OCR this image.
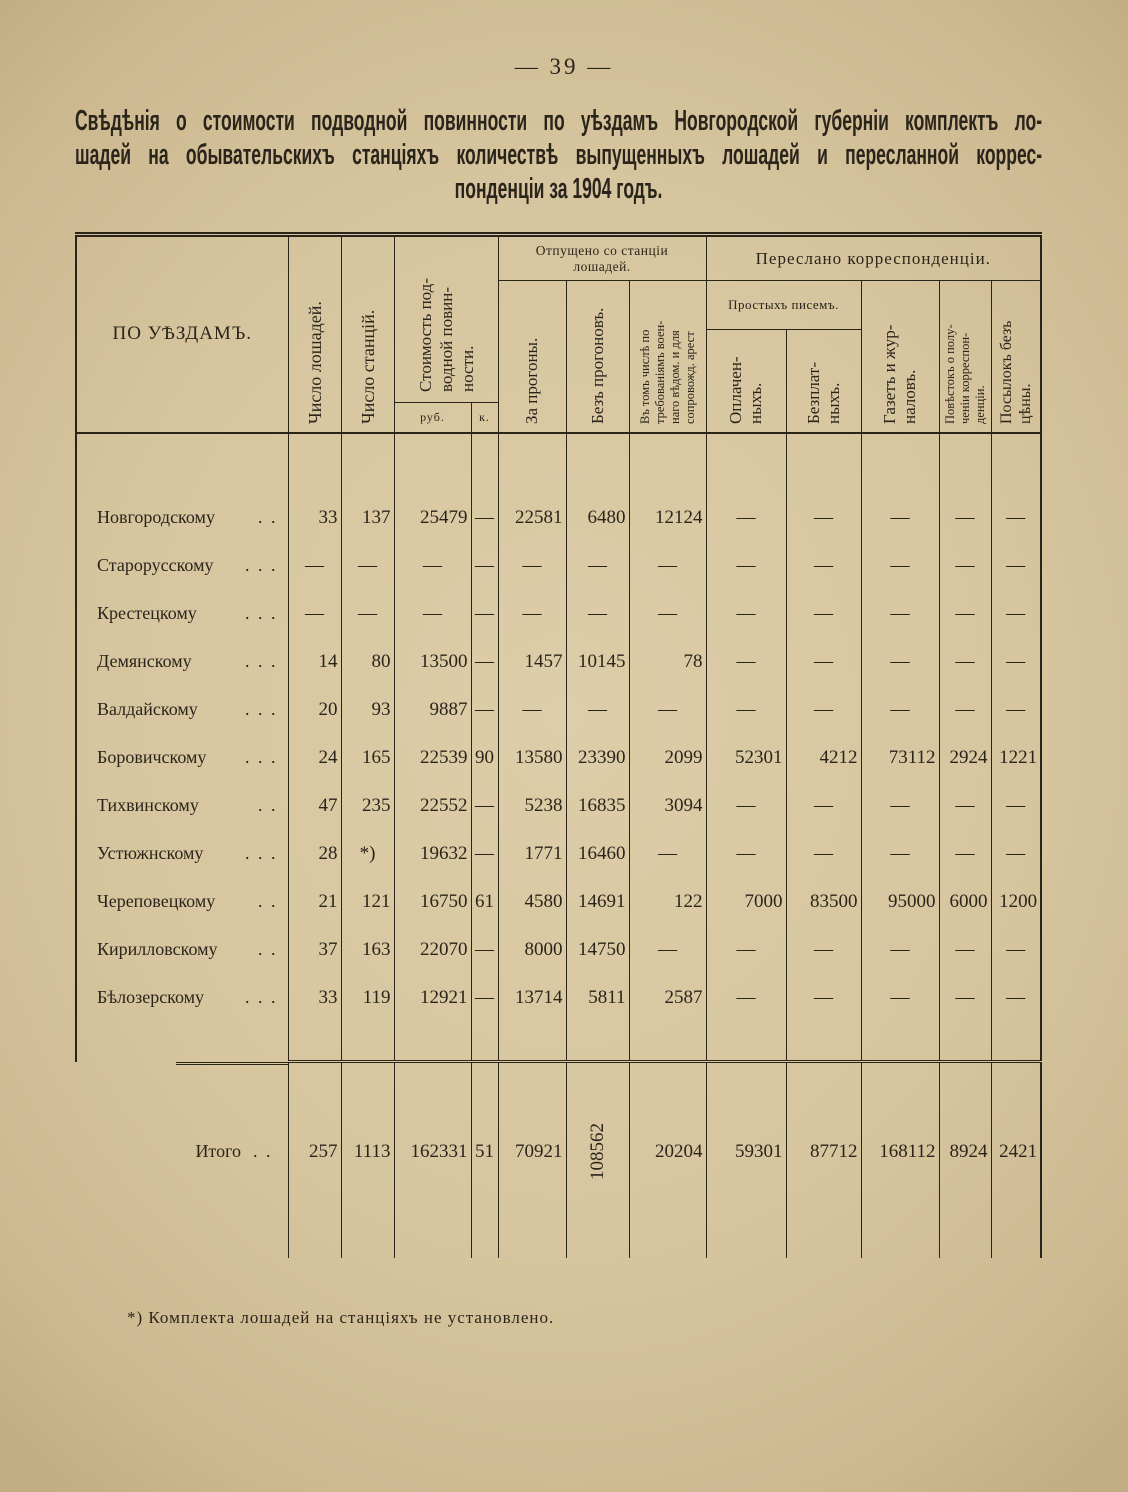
— 39 —
Свѣдѣнія о стоимости подводной повинности по уѣздамъ Новгородской губерніи комплектъ ло-
шадей на обывательскихъ станціяхъ количествѣ выпущенныхъ лошадей и пересланной коррес-
понденціи за 1904 годъ.
ПО УѢЗДАМЪ.	Число лошадей.	Число станцій.	Стоимость под- водной повин- ности.		Отпущено со станціи
лошадей.			Переслано корреспонденціи.				

					За прогоны.	Безъ прогоновъ.	Въ томъ числѣ по требованіямъ воен- наго вѣдом. и для сопровожд. арест	Простыхъ писемъ.		Газетъ и жур- наловъ.	Повѣстокъ о полу- ченіи корреспон- денціи.	Посылокъ безъ цѣны.

								Оплачен- ныхъ.	Безплат- ныхъ.			

			руб.	к.								

Новгородскому . .	33	137	25479	—	22581	6480	12124	—	—	—	—	—

Старорусскому . . .	—	—	—	—	—	—	—	—	—	—	—	—

Крестецкому . . .	—	—	—	—	—	—	—	—	—	—	—	—

Демянскому . . .	14	80	13500	—	1457	10145	78	—	—	—	—	—

Валдайскому . . .	20	93	9887	—	—	—	—	—	—	—	—	—

Боровичскому . . .	24	165	22539	90	13580	23390	2099	52301	4212	73112	2924	1221

Тихвинскому . .	47	235	22552	—	5238	16835	3094	—	—	—	—	—

Устюжнскому . . .	28	*)	19632	—	1771	16460	—	—	—	—	—	—

Череповецкому . .	21	121	16750	61	4580	14691	122	7000	83500	95000	6000	1200

Кирилловскому . .	37	163	22070	—	8000	14750	—	—	—	—	—	—

Бѣлозерскому . . .	33	119	12921	—	13714	5811	2587	—	—	—	—	—

Итого . .	257	1113	162331	51	70921	108562	20204	59301	87712	168112	8924	2421
*) Комплекта лошадей на станціяхъ не установлено.
